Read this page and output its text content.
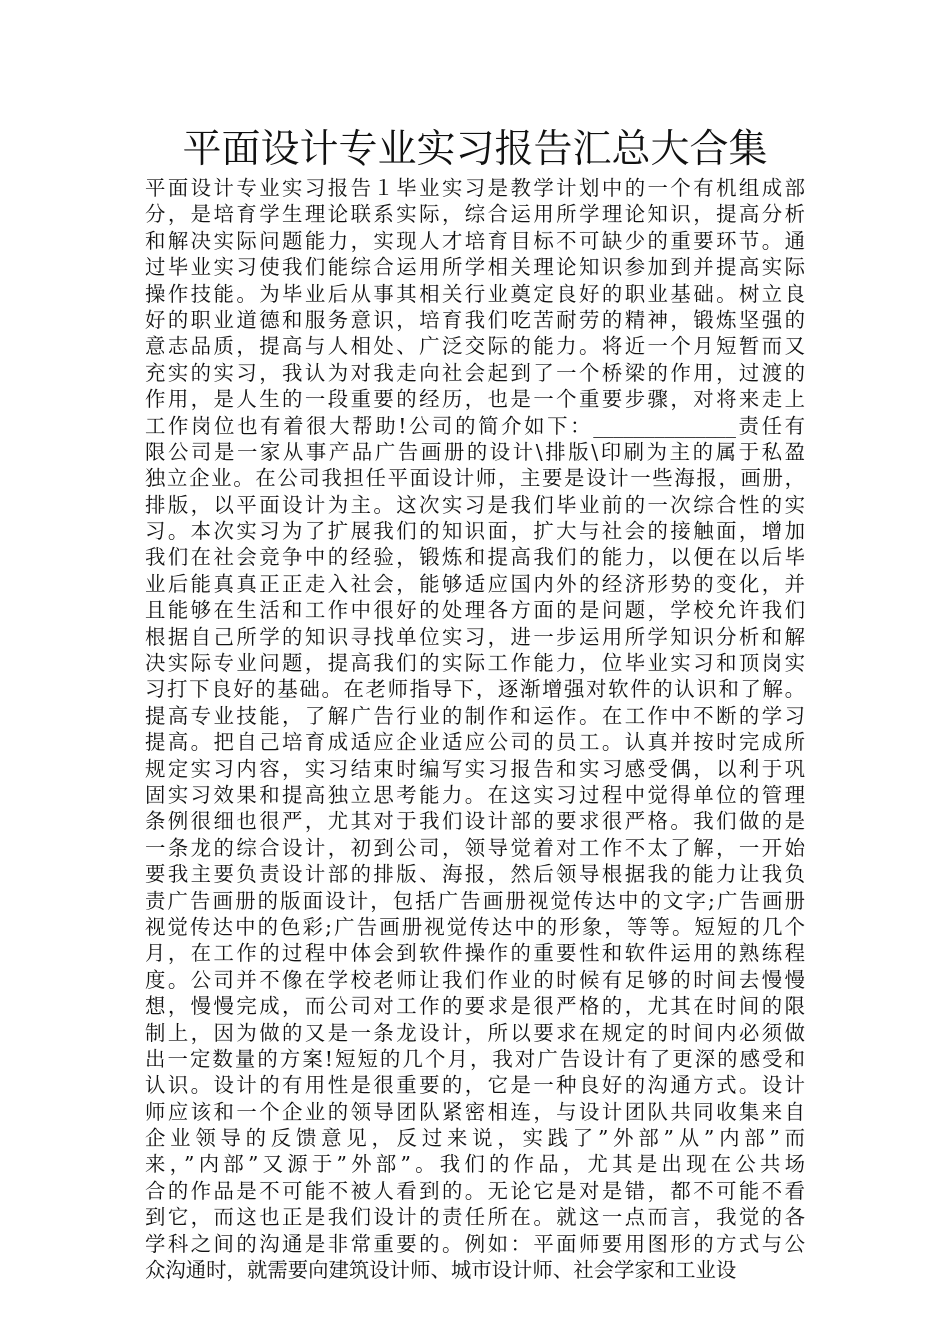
平面设计专业实习报告汇总大合集
平面设计专业实习报告１毕业实习是教学计划中的一个有机组成部
分，是培育学生理论联系实际，综合运用所学理论知识，提高分析
和解决实际问题能力，实现人才培育目标不可缺少的重要环节。通
过毕业实习使我们能综合运用所学相关理论知识参加到并提高实际
操作技能。为毕业后从事其相关行业奠定良好的职业基础。树立良
好的职业道德和服务意识，培育我们吃苦耐劳的精神，锻炼坚强的
意志品质，提高与人相处、广泛交际的能力。将近一个月短暂而又
充实的实习，我认为对我走向社会起到了一个桥梁的作用，过渡的
作用，是人生的一段重要的经历，也是一个重要步骤，对将来走上
工作岗位也有着很大帮助!公司的简介如下：______________责任有
限公司是一家从事产品广告画册的设计\排版\印刷为主的属于私盈
独立企业。在公司我担任平面设计师，主要是设计一些海报，画册，
排版，以平面设计为主。这次实习是我们毕业前的一次综合性的实
习。本次实习为了扩展我们的知识面，扩大与社会的接触面，增加
我们在社会竞争中的经验，锻炼和提高我们的能力，以便在以后毕
业后能真真正正走入社会，能够适应国内外的经济形势的变化，并
且能够在生活和工作中很好的处理各方面的是问题，学校允许我们
根据自己所学的知识寻找单位实习，进一步运用所学知识分析和解
决实际专业问题，提高我们的实际工作能力，位毕业实习和顶岗实
习打下良好的基础。在老师指导下，逐渐增强对软件的认识和了解。
提高专业技能，了解广告行业的制作和运作。在工作中不断的学习
提高。把自己培育成适应企业适应公司的员工。认真并按时完成所
规定实习内容，实习结束时编写实习报告和实习感受偶，以利于巩
固实习效果和提高独立思考能力。在这实习过程中觉得单位的管理
条例很细也很严，尤其对于我们设计部的要求很严格。我们做的是
一条龙的综合设计，初到公司，领导觉着对工作不太了解，一开始
要我主要负责设计部的排版、海报，然后领导根据我的能力让我负
责广告画册的版面设计，包括广告画册视觉传达中的文字;广告画册
视觉传达中的色彩;广告画册视觉传达中的形象，等等。短短的几个
月，在工作的过程中体会到软件操作的重要性和软件运用的熟练程
度。公司并不像在学校老师让我们作业的时候有足够的时间去慢慢
想，慢慢完成，而公司对工作的要求是很严格的，尤其在时间的限
制上，因为做的又是一条龙设计，所以要求在规定的时间内必须做
出一定数量的方案!短短的几个月，我对广告设计有了更深的感受和
认识。设计的有用性是很重要的，它是一种良好的沟通方式。设计
师应该和一个企业的领导团队紧密相连，与设计团队共同收集来自
企业领导的反馈意见，反过来说，实践了”外部”从”内部”而
来，”内部”又源于”外部”。我们的作品，尤其是出现在公共场
合的作品是不可能不被人看到的。无论它是对是错，都不可能不看
到它，而这也正是我们设计的责任所在。就这一点而言，我觉的各
学科之间的沟通是非常重要的。例如：平面师要用图形的方式与公
众沟通时，就需要向建筑设计师、城市设计师、社会学家和工业设
